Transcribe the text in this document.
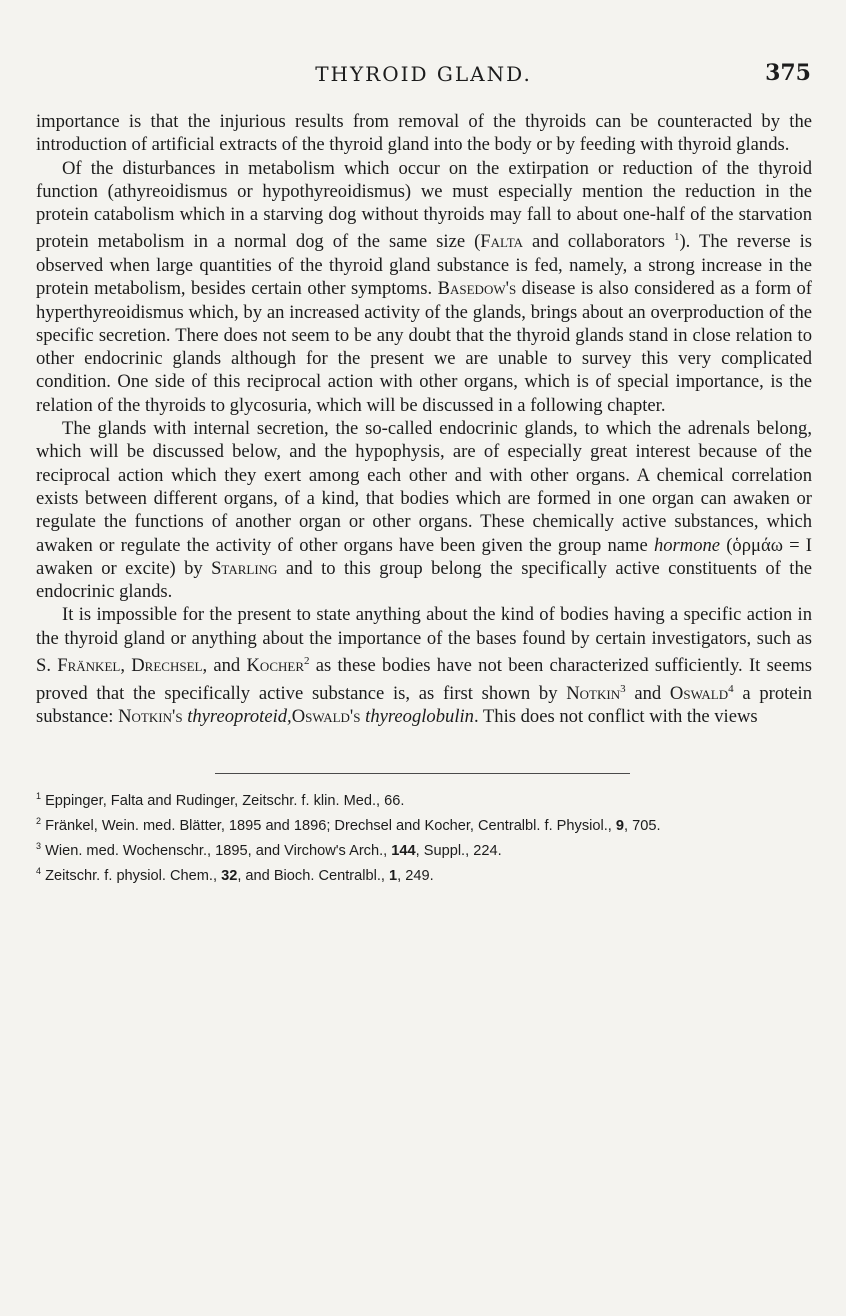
THYROID GLAND.	375

importance is that the injurious results from removal of the thyroids can be counteracted by the introduction of artificial extracts of the thyroid gland into the body or by feeding with thyroid glands.

Of the disturbances in metabolism which occur on the extirpation or reduction of the thyroid function (athyreoidismus or hypothyreoidismus) we must especially mention the reduction in the protein catabolism which in a starving dog without thyroids may fall to about one-half of the starvation protein metabolism in a normal dog of the same size (Falta and collaborators $^1$). The reverse is observed when large quantities of the thyroid gland substance is fed, namely, a strong increase in the protein metabolism, besides certain other symptoms. Basedow's disease is also considered as a form of hyperthyreoidismus which, by an increased activity of the glands, brings about an overproduction of the specific secretion. There does not seem to be any doubt that the thyroid glands stand in close relation to other endocrinic glands although for the present we are unable to survey this very complicated condition. One side of this reciprocal action with other organs, which is of special importance, is the relation of the thyroids to glycosuria, which will be discussed in a following chapter.

The glands with internal secretion, the so-called endocrinic glands, to which the adrenals belong, which will be discussed below, and the hypophysis, are of especially great interest because of the reciprocal action which they exert among each other and with other organs. A chemical correlation exists between different organs, of a kind, that bodies which are formed in one organ can awaken or regulate the functions of another organ or other organs. These chemically active substances, which awaken or regulate the activity of other organs have been given the group name hormone (ὁρμάω = I awaken or excite) by Starling and to this group belong the specifically active constituents of the endocrinic glands.

It is impossible for the present to state anything about the kind of bodies having a specific action in the thyroid gland or anything about the importance of the bases found by certain investigators, such as S. Fränkel, Drechsel, and Kocher$^2$ as these bodies have not been characterized sufficiently. It seems proved that the specifically active substance is, as first shown by Notkin$^3$ and Oswald$^4$ a protein substance: Notkin's thyreoproteid,Oswald's thyreoglobulin. This does not conflict with the views

$^1$ Eppinger, Falta and Rudinger, Zeitschr. f. klin. Med., 66.

$^2$ Fränkel, Wein. med. Blätter, 1895 and 1896; Drechsel and Kocher, Centralbl. f. Physiol., 9, 705.

$^3$ Wien. med. Wochenschr., 1895, and Virchow's Arch., 144, Suppl., 224.

$^4$ Zeitschr. f. physiol. Chem., 32, and Bioch. Centralbl., 1, 249.
